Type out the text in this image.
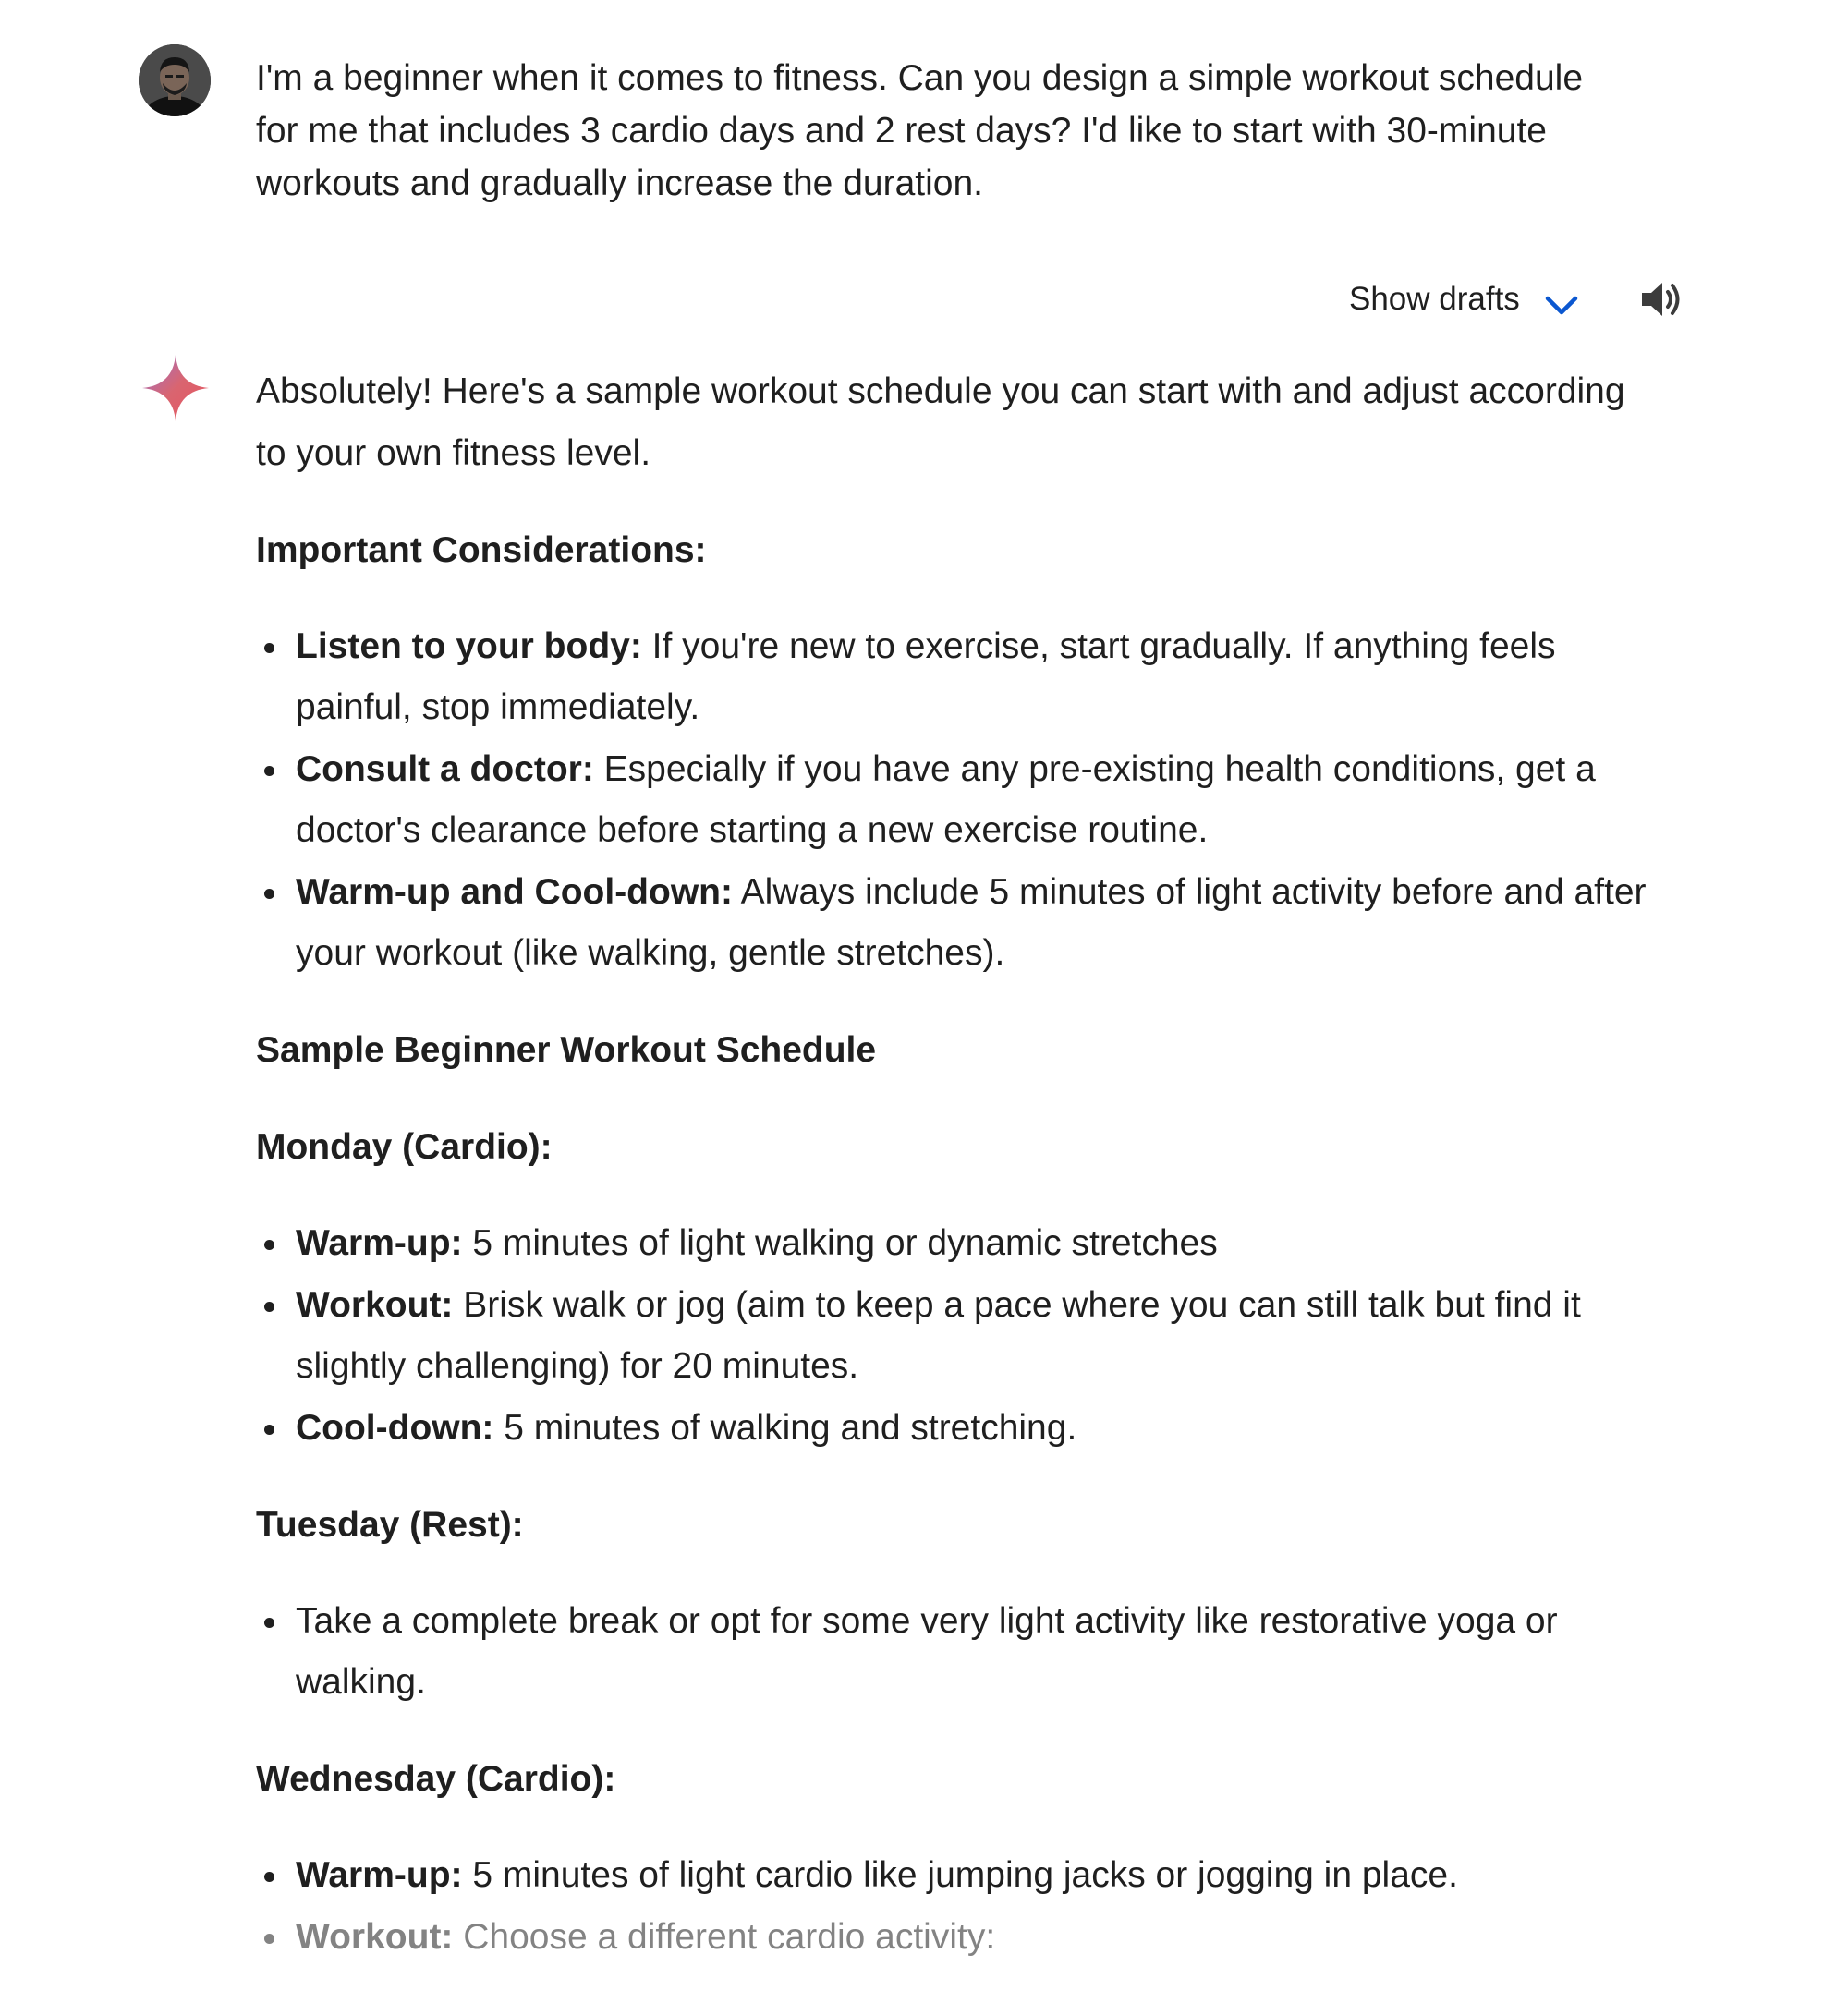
I'm a beginner when it comes to fitness. Can you design a simple workout schedule for me that includes 3 cardio days and 2 rest days? I'd like to start with 30-minute workouts and gradually increase the duration.
Show drafts

Absolutely! Here's a sample workout schedule you can start with and adjust according to your own fitness level.

Important Considerations:
Listen to your body: If you're new to exercise, start gradually. If anything feels painful, stop immediately.
Consult a doctor: Especially if you have any pre-existing health conditions, get a doctor's clearance before starting a new exercise routine.
Warm-up and Cool-down: Always include 5 minutes of light activity before and after your workout (like walking, gentle stretches).
Sample Beginner Workout Schedule
Monday (Cardio):
Warm-up: 5 minutes of light walking or dynamic stretches
Workout: Brisk walk or jog (aim to keep a pace where you can still talk but find it slightly challenging) for 20 minutes.
Cool-down: 5 minutes of walking and stretching.
Tuesday (Rest):
Take a complete break or opt for some very light activity like restorative yoga or walking.
Wednesday (Cardio):
Warm-up: 5 minutes of light cardio like jumping jacks or jogging in place.
Workout: Choose a different cardio activity:
